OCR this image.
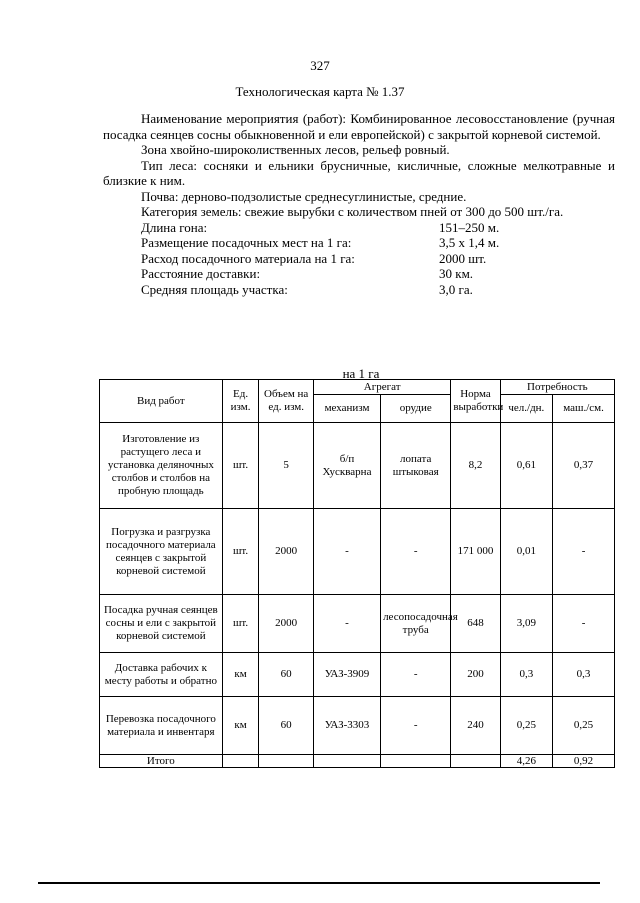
327
Технологическая карта № 1.37

Наименование мероприятия (работ): Комбинированное лесовосстановление (ручная посадка сеянцев сосны обыкновенной и ели европейской) с закрытой корневой системой.

Зона хвойно-широколиственных лесов, рельеф ровный.

Тип леса: сосняки и ельники брусничные, кисличные, сложные мелкотравные и близкие к ним.

Почва: дерново-подзолистые среднесуглинистые, средние.

Категория земель: свежие вырубки с количеством пней от 300 до 500 шт./га.

Длина гона:	151–250 м.
Размещение посадочных мест на 1 га:	3,5 х 1,4 м.
Расход посадочного материала на 1 га:	2000 шт.
Расстояние доставки:	30 км.
Средняя площадь участка:	3,0 га.
на 1 га
Вид работ	Ед. изм.	Объем на ед. изм.	Агрегат		Норма выработки	Потребность	
			механизм	орудие		чел./дн.	маш./см.
Изготовление из растущего леса и установка деляночных столбов и столбов на пробную площадь	шт.	5	б/п Хускварна	лопата штыковая	8,2	0,61	0,37
Погрузка и разгрузка посадочного материала сеянцев с закрытой корневой системой	шт.	2000	-	-	171 000	0,01	-
Посадка ручная сеянцев сосны и ели с закрытой корневой системой	шт.	2000	-	лесопосадочная труба	648	3,09	-
Доставка рабочих к месту работы и обратно	км	60	УАЗ-3909	-	200	0,3	0,3
Перевозка посадочного материала и инвентаря	км	60	УАЗ-3303	-	240	0,25	0,25
Итого						4,26	0,92
